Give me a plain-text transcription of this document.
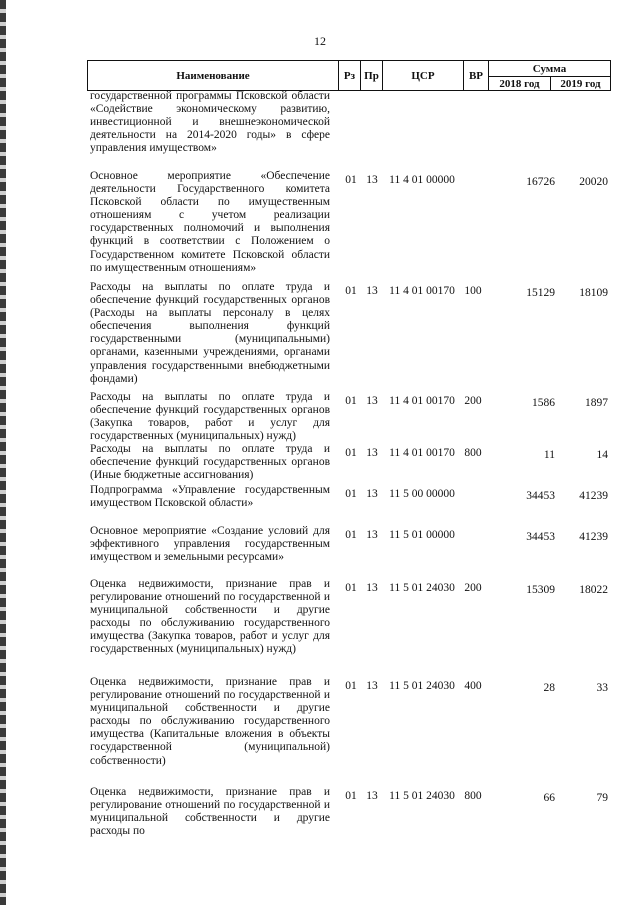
12
Наименование	Рз Пр	ЦСР	ВР
Сумма
2018 год	2019 год
государственной программы Псковской области «Содействие экономическому развитию, инвестиционной и внешнеэкономической деятельности на 2014-2020 годы» в сфере управления имуществом»
Основное мероприятие «Обеспечение деятельности Государственного комитета Псковской области по имущественным отношениям с учетом реализации государственных полномочий и выполнения функций в соответствии с Положением о Государственном комитете Псковской области по имущественным отношениям»
01 13 11 4 01 00000	16726	20020
Расходы на выплаты по оплате труда и обеспечение функций государственных органов (Расходы на выплаты персоналу в целях обеспечения выполнения функций государственными (муниципальными) органами, казенными учреждениями, органами управления государственными внебюджетными фондами)
01 13 11 4 01 00170 100	15129	18109
Расходы на выплаты по оплате труда и обеспечение функций государственных органов (Закупка товаров, работ и услуг для государственных (муниципальных) нужд)
01 13 11 4 01 00170 200	1586	1897
Расходы на выплаты по оплате труда и обеспечение функций государственных органов (Иные бюджетные ассигнования)
01 13 11 4 01 00170 800	11	14
Подпрограмма «Управление государственным имуществом Псковской области»
01 13 11 5 00 00000	34453	41239
Основное мероприятие «Создание условий для эффективного управления государственным имуществом и земельными ресурсами»
01 13 11 5 01 00000	34453	41239
Оценка недвижимости, признание прав и регулирование отношений по государственной и муниципальной собственности и другие расходы по обслуживанию государственного имущества (Закупка товаров, работ и услуг для государственных (муниципальных) нужд)
01 13 11 5 01 24030 200	15309	18022
Оценка недвижимости, признание прав и регулирование отношений по государственной и муниципальной собственности и другие расходы по обслуживанию государственного имущества (Капитальные вложения в объекты государственной (муниципальной) собственности)
01 13 11 5 01 24030 400	28	33
Оценка недвижимости, признание прав и регулирование отношений по государственной и муниципальной собственности и другие расходы по
01 13 11 5 01 24030 800	66	79
